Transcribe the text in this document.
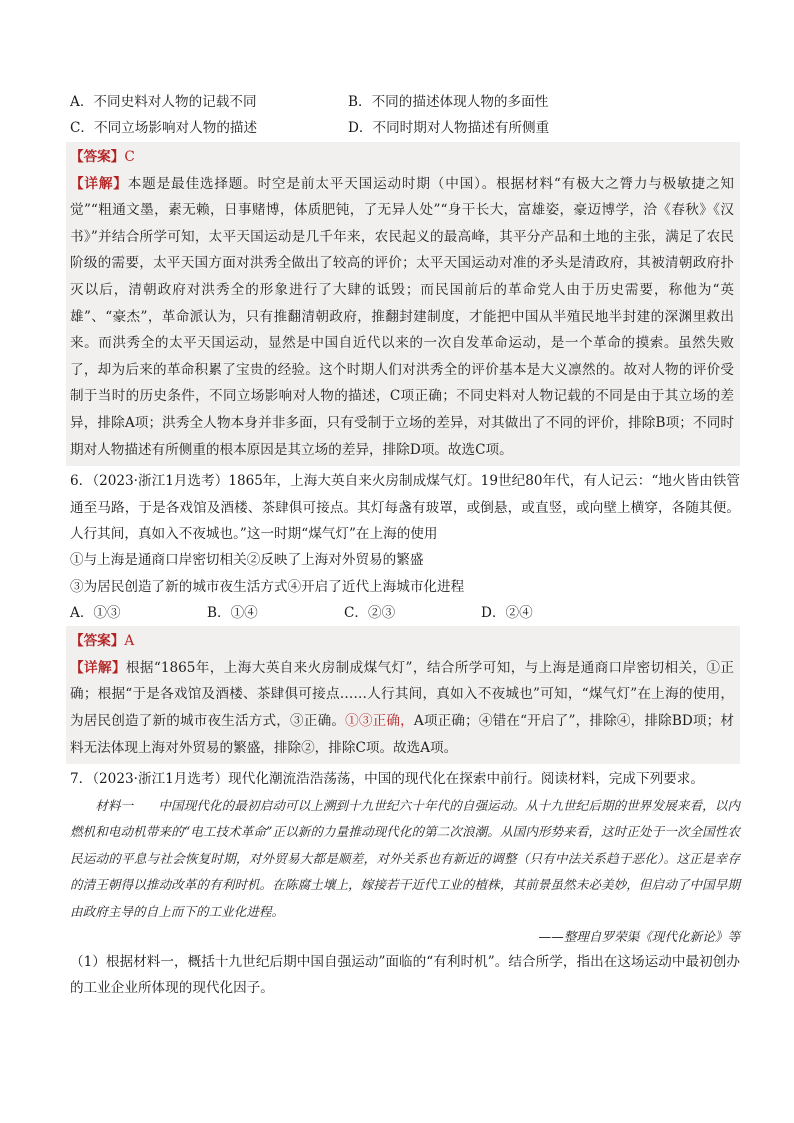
A．不同史料对人物的记载不同	B．不同的描述体现人物的多面性
C．不同立场影响对人物的描述	D．不同时期对人物描述有所侧重

【答案】C

【详解】本题是最佳选择题。时空是前太平天国运动时期（中国）。根据材料“有极大之膂力与极敏捷之知觉”“粗通文墨，素无赖，日事赌博，体质肥钝，了无异人处”“身干长大，富雄姿，豪迈博学，洽《春秋》《汉书》”并结合所学可知，太平天国运动是几千年来，农民起义的最高峰，其平分产品和土地的主张，满足了农民阶级的需要，太平天国方面对洪秀全做出了较高的评价；太平天国运动对准的矛头是清政府，其被清朝政府扑灭以后，清朝政府对洪秀全的形象进行了大肆的诋毁；而民国前后的革命党人由于历史需要，称他为“英雄”、“豪杰”，革命派认为，只有推翻清朝政府，推翻封建制度，才能把中国从半殖民地半封建的深渊里救出来。而洪秀全的太平天国运动，显然是中国自近代以来的一次自发革命运动，是一个革命的摸索。虽然失败了，却为后来的革命积累了宝贵的经验。这个时期人们对洪秀全的评价基本是大义凛然的。故对人物的评价受制于当时的历史条件，不同立场影响对人物的描述，C项正确；不同史料对人物记载的不同是由于其立场的差异，排除A项；洪秀全人物本身并非多面，只有受制于立场的差异，对其做出了不同的评价，排除B项；不同时期对人物描述有所侧重的根本原因是其立场的差异，排除D项。故选C项。

6．（2023·浙江1月选考）1865年，上海大英自来火房制成煤气灯。19世纪80年代，有人记云：“地火皆由铁管通至马路，于是各戏馆及酒楼、茶肆俱可接点。其灯每盏有玻罩，或倒悬，或直竖，或向壁上横穿，各随其便。人行其间，真如入不夜城也。”这一时期“煤气灯”在上海的使用

①与上海是通商口岸密切相关②反映了上海对外贸易的繁盛

③为居民创造了新的城市夜生活方式④开启了近代上海城市化进程

A．①③	B．①④	C．②③	D．②④

【答案】A

【详解】根据“1865年，上海大英自来火房制成煤气灯”，结合所学可知，与上海是通商口岸密切相关，①正确；根据“于是各戏馆及酒楼、茶肆俱可接点……人行其间，真如入不夜城也”可知，“煤气灯”在上海的使用，为居民创造了新的城市夜生活方式，③正确。①③正确，A项正确；④错在“开启了”，排除④，排除BD项；材料无法体现上海对外贸易的繁盛，排除②，排除C项。故选A项。

7．（2023·浙江1月选考）现代化潮流浩浩荡荡，中国的现代化在探索中前行。阅读材料，完成下列要求。

材料一　　中国现代化的最初启动可以上溯到十九世纪六十年代的自强运动。从十九世纪后期的世界发展来看，以内燃机和电动机带来的“电工技术革命”正以新的力量推动现代化的第二次浪潮。从国内形势来看，这时正处于一次全国性农民运动的平息与社会恢复时期，对外贸易大都是顺差，对外关系也有新近的调整（只有中法关系趋于恶化）。这正是幸存的清王朝得以推动改革的有利时机。在陈腐土壤上，嫁接若干近代工业的植株，其前景虽然未必美妙，但启动了中国早期由政府主导的自上而下的工业化进程。

——整理自罗荣渠《现代化新论》等

（1）根据材料一，概括十九世纪后期中国自强运动”面临的“有利时机”。结合所学，指出在这场运动中最初创办的工业企业所体现的现代化因子。
